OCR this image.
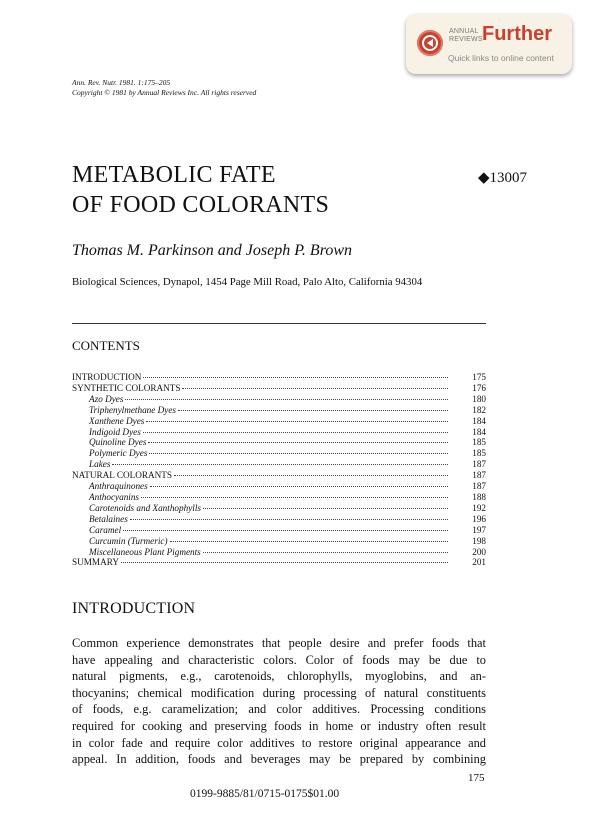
ANNUAL
REVIEWS Further
Quick links to online content
Ann. Rev. Nutr. 1981. 1:175–205
Copyright © 1981 by Annual Reviews Inc. All rights reserved
METABOLIC FATE
OF FOOD COLORANTS
◆13007
Thomas M. Parkinson and Joseph P. Brown
Biological Sciences, Dynapol, 1454 Page Mill Road, Palo Alto, California 94304
CONTENTS
INTRODUCTION	175
SYNTHETIC COLORANTS	176
Azo Dyes	180
Triphenylmethane Dyes	182
Xanthene Dyes	184
Indigoid Dyes	184
Quinoline Dyes	185
Polymeric Dyes	185
Lakes	187
NATURAL COLORANTS	187
Anthraquinones	187
Anthocyanins	188
Carotenoids and Xanthophylls	192
Betalaines	196
Caramel	197
Curcumin (Turmeric)	198
Miscellaneous Plant Pigments	200
SUMMARY	201
INTRODUCTION
Common experience demonstrates that people desire and prefer foods that
have appealing and characteristic colors. Color of foods may be due to
natural pigments, e.g., carotenoids, chlorophylls, myoglobins, and an-
thocyanins; chemical modification during processing of natural constituents
of foods, e.g. caramelization; and color additives. Processing conditions
required for cooking and preserving foods in home or industry often result
in color fade and require color additives to restore original appearance and
appeal. In addition, foods and beverages may be prepared by combining
175
0199-9885/81/0715-0175$01.00
